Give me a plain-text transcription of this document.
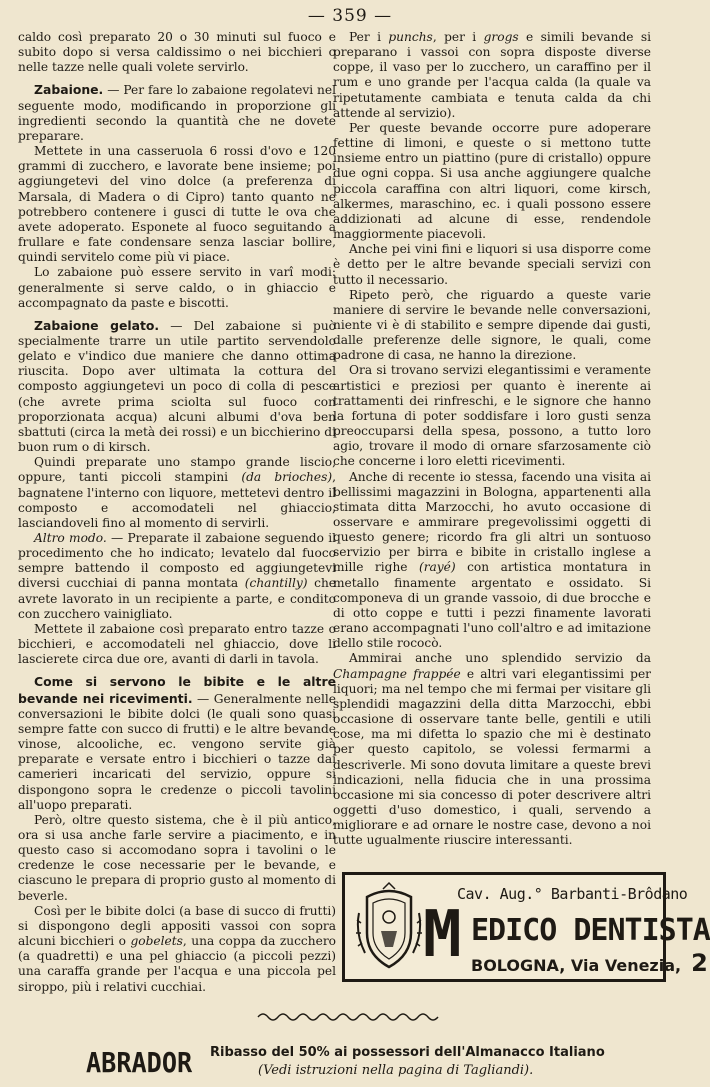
— 359 —

caldo così preparato 20 o 30 minuti sul fuoco e subito dopo si versa caldissimo o nei bicchieri o nelle tazze nelle quali volete servirlo.

Zabaione. — Per fare lo zabaione regolatevi nel seguente modo, modificando in proporzione gli ingredienti secondo la quantità che ne dovete preparare.

Mettete in una casseruola 6 rossi d'ovo e 120 grammi di zucchero, e lavorate bene insieme; poi aggiungetevi del vino dolce (a preferenza di Marsala, di Madera o di Cipro) tanto quanto ne potrebbero contenere i gusci di tutte le ova che avete adoperato. Esponete al fuoco seguitando a frullare e fate condensare senza lasciar bollire, quindi servitelo come più vi piace.

Lo zabaione può essere servito in varî modi: generalmente si serve caldo, o in ghiaccio e accompagnato da paste e biscotti.

Zabaione gelato. — Del zabaione si può specialmente trarre un utile partito servendolo gelato e v'indico due maniere che danno ottima riuscita. Dopo aver ultimata la cottura del composto aggiungetevi un poco di colla di pesce (che avrete prima sciolta sul fuoco con proporzionata acqua) alcuni albumi d'ova ben sbattuti (circa la metà dei rossi) e un bicchierino di buon rum o di kirsch.

Quindi preparate uno stampo grande liscio, oppure, tanti piccoli stampini (da brioches), bagnatene l'interno con liquore, mettetevi dentro il composto e accomodateli nel ghiaccio, lasciandoveli fino al momento di servirli.

Altro modo. — Preparate il zabaione seguendo il procedimento che ho indicato; levatelo dal fuoco sempre battendo il composto ed aggiungetevi diversi cucchiai di panna montata (chantilly) che avrete lavorato in un recipiente a parte, e condito con zucchero vainigliato.

Mettete il zabaione così preparato entro tazze o bicchieri, e accomodateli nel ghiaccio, dove li lascierete circa due ore, avanti di darli in tavola.

Come si servono le bibite e le altre bevande nei ricevimenti. — Generalmente nelle conversazioni le bibite dolci (le quali sono quasi sempre fatte con succo di frutti) e le altre bevande vinose, alcooliche, ec. vengono servite già preparate e versate entro i bicchieri o tazze dai camerieri incaricati del servizio, oppure si dispongono sopra le credenze o piccoli tavolini all'uopo preparati.

Però, oltre questo sistema, che è il più antico, ora si usa anche farle servire a piacimento, e in questo caso si accomodano sopra i tavolini o le credenze le cose necessarie per le bevande, e ciascuno le prepara di proprio gusto al momento di beverle.

Così per le bibite dolci (a base di succo di frutti) si dispongono degli appositi vassoi con sopra alcuni bicchieri o gobelets, una coppa da zucchero (a quadretti) e una pel ghiaccio (a piccoli pezzi) una caraffa grande per l'acqua e una piccola pel siroppo, più i relativi cucchiai.

Per i punchs, per i grogs e simili bevande si preparano i vassoi con sopra disposte diverse coppe, il vaso per lo zucchero, un caraffino per il rum e uno grande per l'acqua calda (la quale va ripetutamente cambiata e tenuta calda da chi attende al servizio).

Per queste bevande occorre pure adoperare fettine di limoni, e queste o si mettono tutte insieme entro un piattino (pure di cristallo) oppure due ogni coppa. Si usa anche aggiungere qualche piccola caraffina con altri liquori, come kirsch, alkermes, maraschino, ec. i quali possono essere addizionati ad alcune di esse, rendendole maggiormente piacevoli.

Anche pei vini fini e liquori si usa disporre come è detto per le altre bevande speciali servizi con tutto il necessario.

Ripeto però, che riguardo a queste varie maniere di servire le bevande nelle conversazioni, niente vi è di stabilito e sempre dipende dai gusti, dalle preferenze delle signore, le quali, come padrone di casa, ne hanno la direzione.

Ora si trovano servizi elegantissimi e veramente artistici e preziosi per quanto è inerente ai trattamenti dei rinfreschi, e le signore che hanno la fortuna di poter soddisfare i loro gusti senza preoccuparsi della spesa, possono, a tutto loro agio, trovare il modo di ornare sfarzosamente ciò che concerne i loro eletti ricevimenti.

Anche di recente io stessa, facendo una visita ai bellissimi magazzini in Bologna, appartenenti alla stimata ditta Marzocchi, ho avuto occasione di osservare e ammirare pregevolissimi oggetti di questo genere; ricordo fra gli altri un sontuoso servizio per birra e bibite in cristallo inglese a mille righe (rayé) con artistica montatura in metallo finamente argentato e ossidato. Si componeva di un grande vassoio, di due brocche e di otto coppe e tutti i pezzi finamente lavorati erano accompagnati l'uno coll'altro e ad imitazione dello stile rococò.

Ammirai anche uno splendido servizio da Champagne frappée e altri vari elegantissimi per liquori; ma nel tempo che mi fermai per visitare gli splendidi magazzini della ditta Marzocchi, ebbi occasione di osservare tante belle, gentili e utili cose, ma mi difetta lo spazio che mi è destinato per questo capitolo, se volessi fermarmi a descriverle. Mi sono dovuta limitare a queste brevi indicazioni, nella fiducia che in una prossima occasione mi sia concesso di poter descrivere altri oggetti d'uso domestico, i quali, servendo a migliorare e ad ornare le nostre case, devono a noi tutte ugualmente riuscire interessanti.

Cav. Aug.° Barbanti-Brôdano
M EDICO DENTISTA
BOLOGNA, Via Venezia, 2
ABRADOR Ribasso del 50% ai possessori dell'Almanacco Italiano
(Vedi istruzioni nella pagina di Tagliandi).
